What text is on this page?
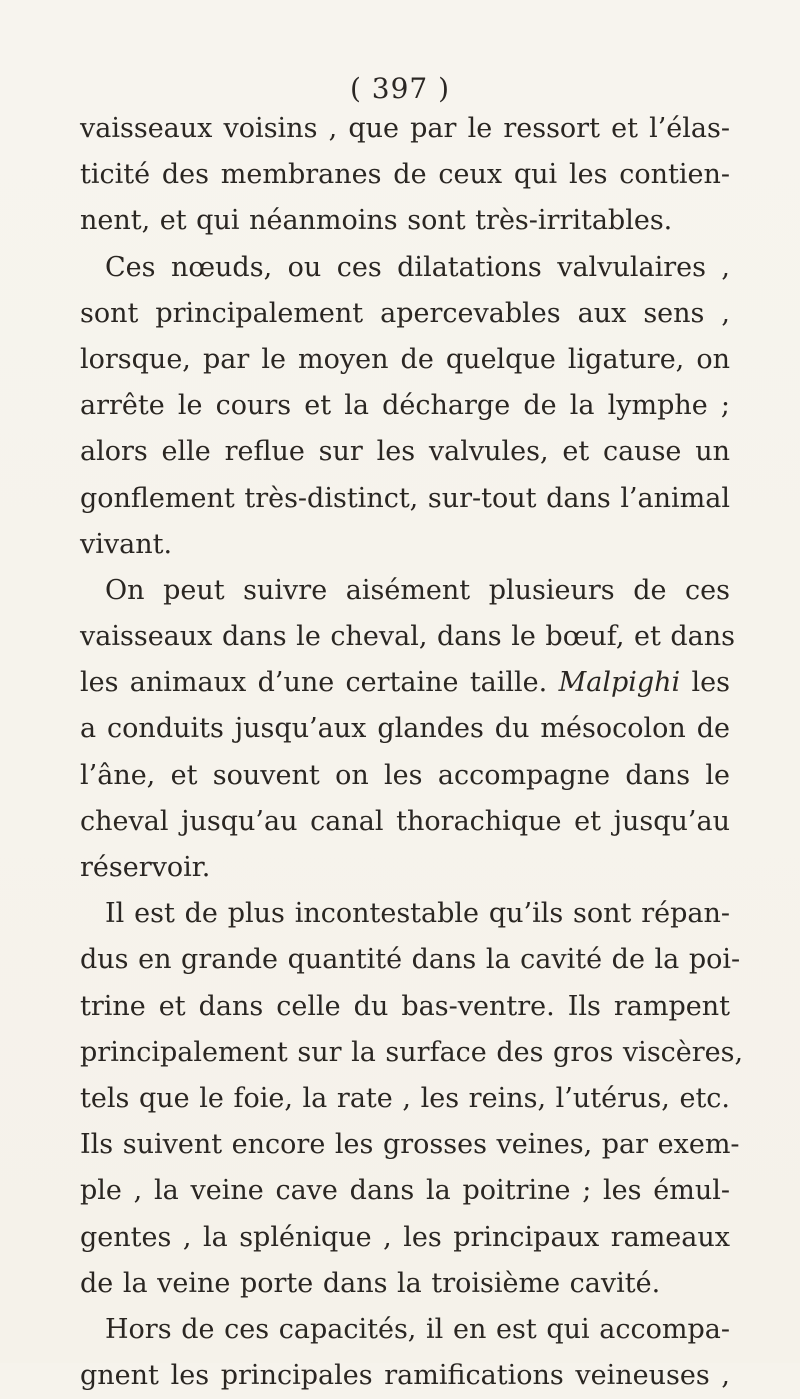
( 397 )
vaisseaux voisins , que par le ressort et l’élas-
ticité des membranes de ceux qui les contien-
nent, et qui néanmoins sont très-irritables.
Ces nœuds, ou ces dilatations valvulaires ,
sont principalement apercevables aux sens ,
lorsque, par le moyen de quelque ligature, on
arrête le cours et la décharge de la lymphe ;
alors elle reflue sur les valvules, et cause un
gonflement très-distinct, sur-tout dans l’animal
vivant.
On peut suivre aisément plusieurs de ces
vaisseaux dans le cheval, dans le bœuf, et dans
les animaux d’une certaine taille. Malpighi les
a conduits jusqu’aux glandes du mésocolon de
l’âne, et souvent on les accompagne dans le
cheval jusqu’au canal thorachique et jusqu’au
réservoir.
Il est de plus incontestable qu’ils sont répan-
dus en grande quantité dans la cavité de la poi-
trine et dans celle du bas-ventre. Ils rampent
principalement sur la surface des gros viscères,
tels que le foie, la rate , les reins, l’utérus, etc.
Ils suivent encore les grosses veines, par exem-
ple , la veine cave dans la poitrine ; les émul-
gentes , la splénique , les principaux rameaux
de la veine porte dans la troisième cavité.
Hors de ces capacités, il en est qui accompa-
gnent les principales ramifications veineuses ,
